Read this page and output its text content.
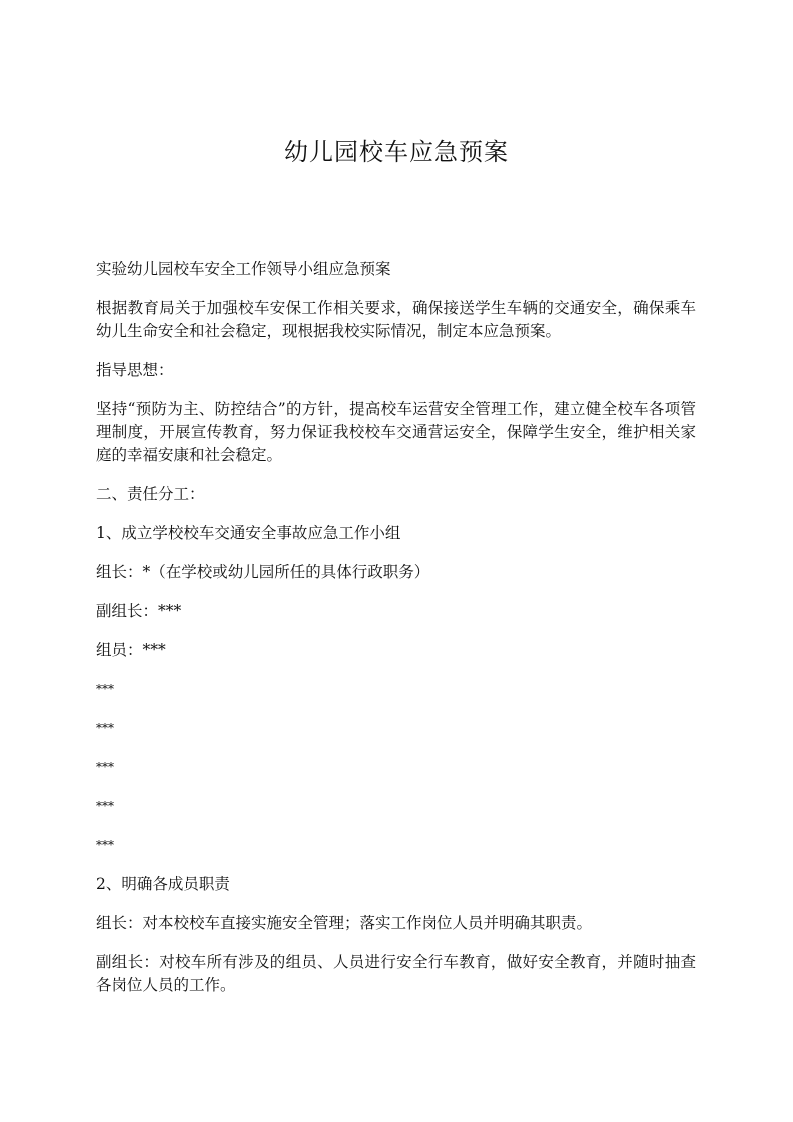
幼儿园校车应急预案

实验幼儿园校车安全工作领导小组应急预案

根据教育局关于加强校车安保工作相关要求，确保接送学生车辆的交通安全，确保乘车幼儿生命安全和社会稳定，现根据我校实际情况，制定本应急预案。

指导思想：

坚持“预防为主、防控结合”的方针，提高校车运营安全管理工作，建立健全校车各项管理制度，开展宣传教育，努力保证我校校车交通营运安全，保障学生安全，维护相关家庭的幸福安康和社会稳定。

二、责任分工：

1、成立学校校车交通安全事故应急工作小组

组长：*（在学校或幼儿园所任的具体行政职务）

副组长：***

组员：***

***

***

***

***

***

2、明确各成员职责

组长：对本校校车直接实施安全管理；落实工作岗位人员并明确其职责。

副组长：对校车所有涉及的组员、人员进行安全行车教育，做好安全教育，并随时抽查各岗位人员的工作。
